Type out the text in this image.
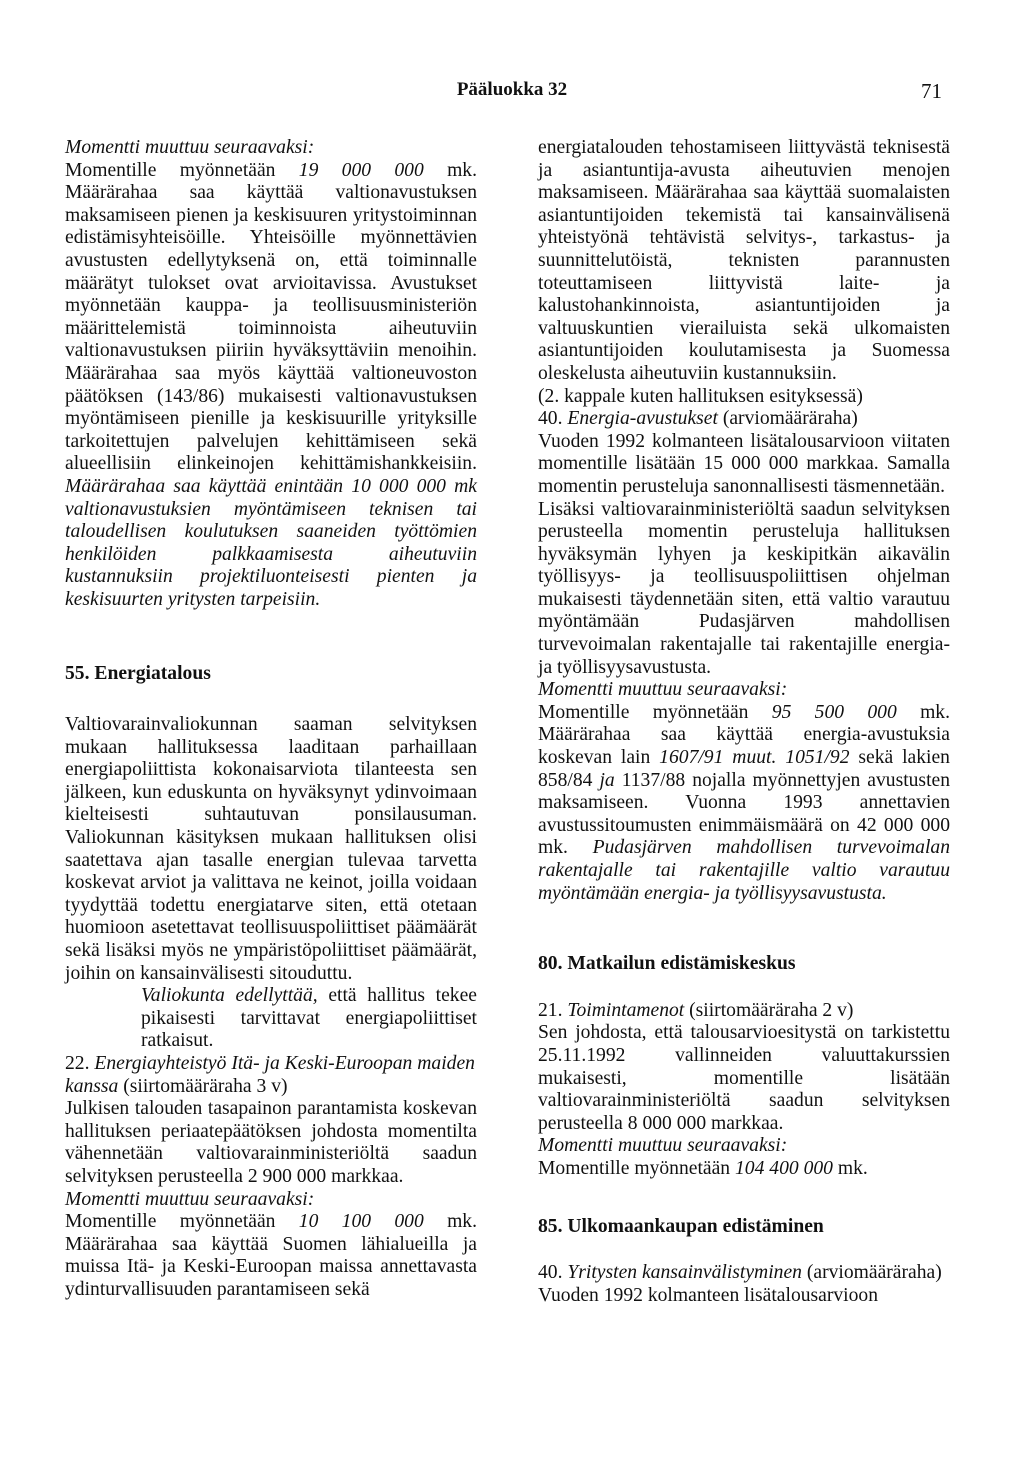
Pääluokka 32	71

Momentti muuttuu seuraavaksi:
Momentille myönnetään 19 000 000 mk. Määrärahaa saa käyttää valtionavustuksen maksamiseen pienen ja keskisuuren yritystoiminnan edistämisyhteisöille. Yhteisöille myönnettävien avustusten edellytyksenä on, että toiminnalle määrätyt tulokset ovat arvioitavissa. Avustukset myönnetään kauppa- ja teollisuusministeriön määrittelemistä toiminnoista aiheutuviin valtionavustuksen piiriin hyväksyttäviin menoihin. Määrärahaa saa myös käyttää valtioneuvoston päätöksen (143/86) mukaisesti valtionavustuksen myöntämiseen pienille ja keskisuurille yrityksille tarkoitettujen palvelujen kehittämiseen sekä alueellisiin elinkeinojen kehittämishankkeisiin. Määrärahaa saa käyttää enintään 10 000 000 mk valtionavustuksien myöntämiseen teknisen tai taloudellisen koulutuksen saaneiden työttömien henkilöiden palkkaamisesta aiheutuviin kustannuksiin projektiluonteisesti pienten ja keskisuurten yritysten tarpeisiin.

55. Energiatalous

Valtiovarainvaliokunnan saaman selvityksen mukaan hallituksessa laaditaan parhaillaan energiapoliittista kokonaisarviota tilanteesta sen jälkeen, kun eduskunta on hyväksynyt ydinvoimaan kielteisesti suhtautuvan ponsilausuman. Valiokunnan käsityksen mukaan hallituksen olisi saatettava ajan tasalle energian tulevaa tarvetta koskevat arviot ja valittava ne keinot, joilla voidaan tyydyttää todettu energiatarve siten, että otetaan huomioon asetettavat teollisuuspoliittiset päämäärät sekä lisäksi myös ne ympäristöpoliittiset päämäärät, joihin on kansainvälisesti sitouduttu.

Valiokunta edellyttää, että hallitus tekee pikaisesti tarvittavat energiapoliittiset ratkaisut.

22. Energiayhteistyö Itä- ja Keski-Euroopan maiden kanssa (siirtomääräraha 3 v)

Julkisen talouden tasapainon parantamista koskevan hallituksen periaatepäätöksen johdosta momentilta vähennetään valtiovarainministeriöltä saadun selvityksen perusteella 2 900 000 markkaa.

Momentti muuttuu seuraavaksi:
Momentille myönnetään 10 100 000 mk. Määrärahaa saa käyttää Suomen lähialueilla ja muissa Itä- ja Keski-Euroopan maissa annettavasta ydinturvallisuuden parantamiseen sekä

energiatalouden tehostamiseen liittyvästä teknisestä ja asiantuntija-avusta aiheutuvien menojen maksamiseen. Määrärahaa saa käyttää suomalaisten asiantuntijoiden tekemistä tai kansainvälisenä yhteistyönä tehtävistä selvitys-, tarkastus- ja suunnittelutöistä, teknisten parannusten toteuttamiseen liittyvistä laite- ja kalustohankinnoista, asiantuntijoiden ja valtuuskuntien vierailuista sekä ulkomaisten asiantuntijoiden koulutamisesta ja Suomessa oleskelusta aiheutuviin kustannuksiin.

(2. kappale kuten hallituksen esityksessä)

40. Energia-avustukset (arviomääräraha)

Vuoden 1992 kolmanteen lisätalousarvioon viitaten momentille lisätään 15 000 000 markkaa. Samalla momentin perusteluja sanonnallisesti täsmennetään.

Lisäksi valtiovarainministeriöltä saadun selvityksen perusteella momentin perusteluja hallituksen hyväksymän lyhyen ja keskipitkän aikavälin työllisyys- ja teollisuuspoliittisen ohjelman mukaisesti täydennetään siten, että valtio varautuu myöntämään Pudasjärven mahdollisen turvevoimalan rakentajalle tai rakentajille energia- ja työllisyysavustusta.

Momentti muuttuu seuraavaksi:
Momentille myönnetään 95 500 000 mk. Määrärahaa saa käyttää energia-avustuksia koskevan lain 1607/91 muut. 1051/92 sekä lakien 858/84 ja 1137/88 nojalla myönnettyjen avustusten maksamiseen. Vuonna 1993 annettavien avustussitoumusten enimmäismäärä on 42 000 000 mk. Pudasjärven mahdollisen turvevoimalan rakentajalle tai rakentajille valtio varautuu myöntämään energia- ja työllisyysavustusta.

80. Matkailun edistämiskeskus

21. Toimintamenot (siirtomääräraha 2 v)

Sen johdosta, että talousarvioesitystä on tarkistettu 25.11.1992 vallinneiden valuuttakurssien mukaisesti, momentille lisätään valtiovarainministeriöltä saadun selvityksen perusteella 8 000 000 markkaa.

Momentti muuttuu seuraavaksi:
Momentille myönnetään 104 400 000 mk.

85. Ulkomaankaupan edistäminen

40. Yritysten kansainvälistyminen (arviomääräraha)

Vuoden 1992 kolmanteen lisätalousarvioon
